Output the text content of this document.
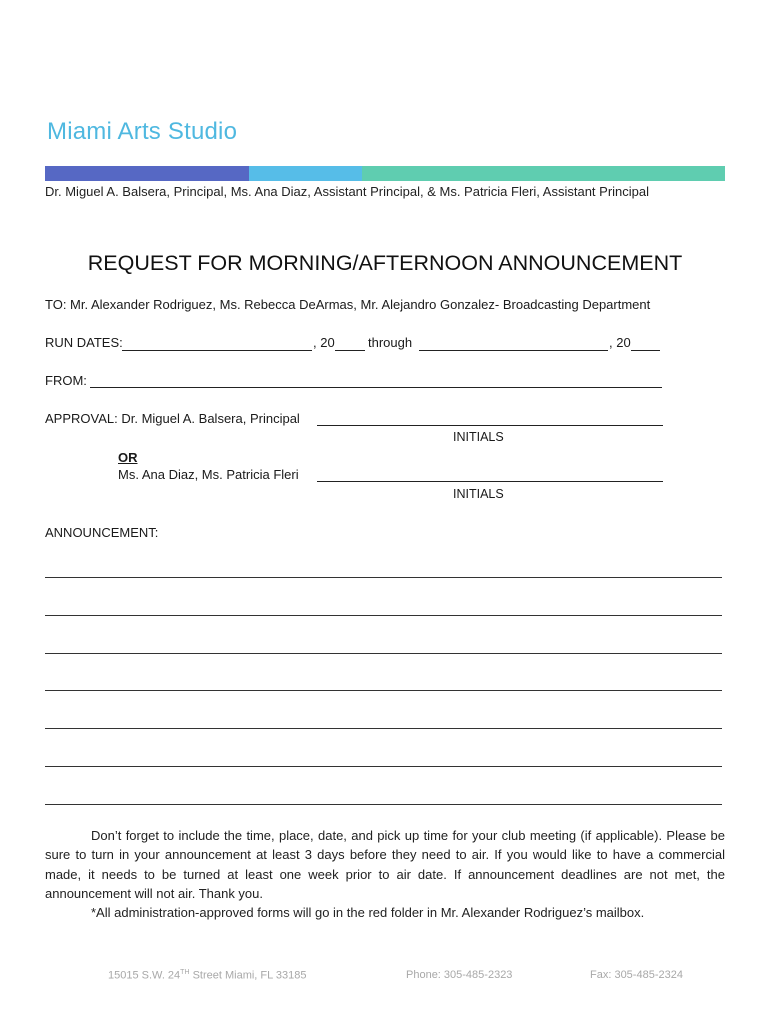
Miami Arts Studio
Dr. Miguel A. Balsera, Principal, Ms. Ana Diaz, Assistant Principal, & Ms. Patricia Fleri, Assistant Principal
REQUEST FOR MORNING/AFTERNOON ANNOUNCEMENT
TO: Mr. Alexander Rodriguez, Ms. Rebecca DeArmas, Mr. Alejandro Gonzalez- Broadcasting Department
RUN DATES:	, 20	through	, 20
FROM:
APPROVAL: Dr. Miguel A. Balsera, Principal
INITIALS
OR
Ms. Ana Diaz, Ms. Patricia Fleri
INITIALS
ANNOUNCEMENT:

Don’t forget to include the time, place, date, and pick up time for your club meeting (if applicable). Please be sure to turn in your announcement at least 3 days before they need to air. If you would like to have a commercial made, it needs to be turned at least one week prior to air date. If announcement deadlines are not met, the announcement will not air. Thank you.

*All administration-approved forms will go in the red folder in Mr. Alexander Rodriguez’s mailbox.

15015 S.W. 24TH Street Miami, FL 33185	Phone: 305-485-2323	Fax: 305-485-2324
